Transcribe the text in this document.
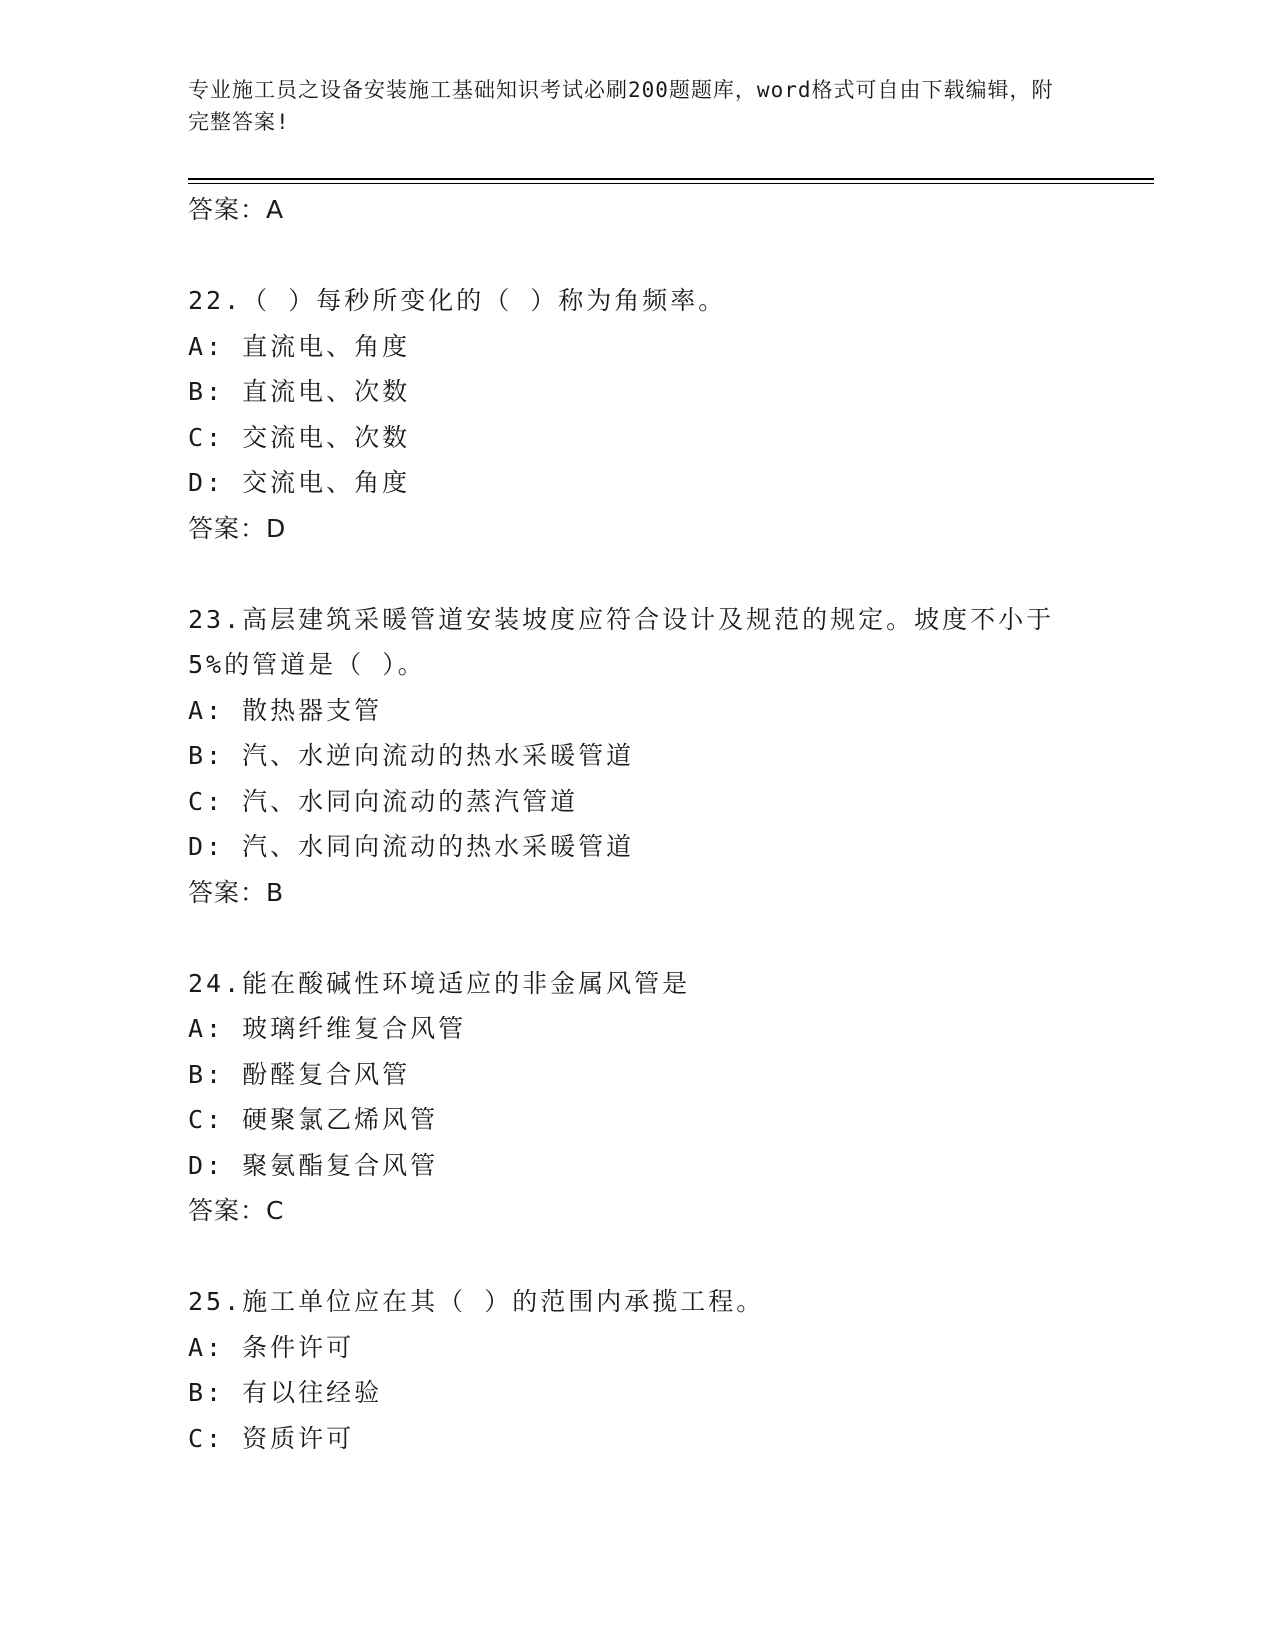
专业施工员之设备安装施工基础知识考试必刷200题题库，word格式可自由下载编辑，附完整答案!
答案：A
22.（ ）每秒所变化的（ ）称为角频率。
A: 直流电、角度
B: 直流电、次数
C: 交流电、次数
D: 交流电、角度
答案：D
23.高层建筑采暖管道安装坡度应符合设计及规范的规定。坡度不小于
5%的管道是（ ）。
A: 散热器支管
B: 汽、水逆向流动的热水采暖管道
C: 汽、水同向流动的蒸汽管道
D: 汽、水同向流动的热水采暖管道
答案：B
24.能在酸碱性环境适应的非金属风管是
A: 玻璃纤维复合风管
B: 酚醛复合风管
C: 硬聚氯乙烯风管
D: 聚氨酯复合风管
答案：C
25.施工单位应在其（ ）的范围内承揽工程。
A: 条件许可
B: 有以往经验
C: 资质许可
